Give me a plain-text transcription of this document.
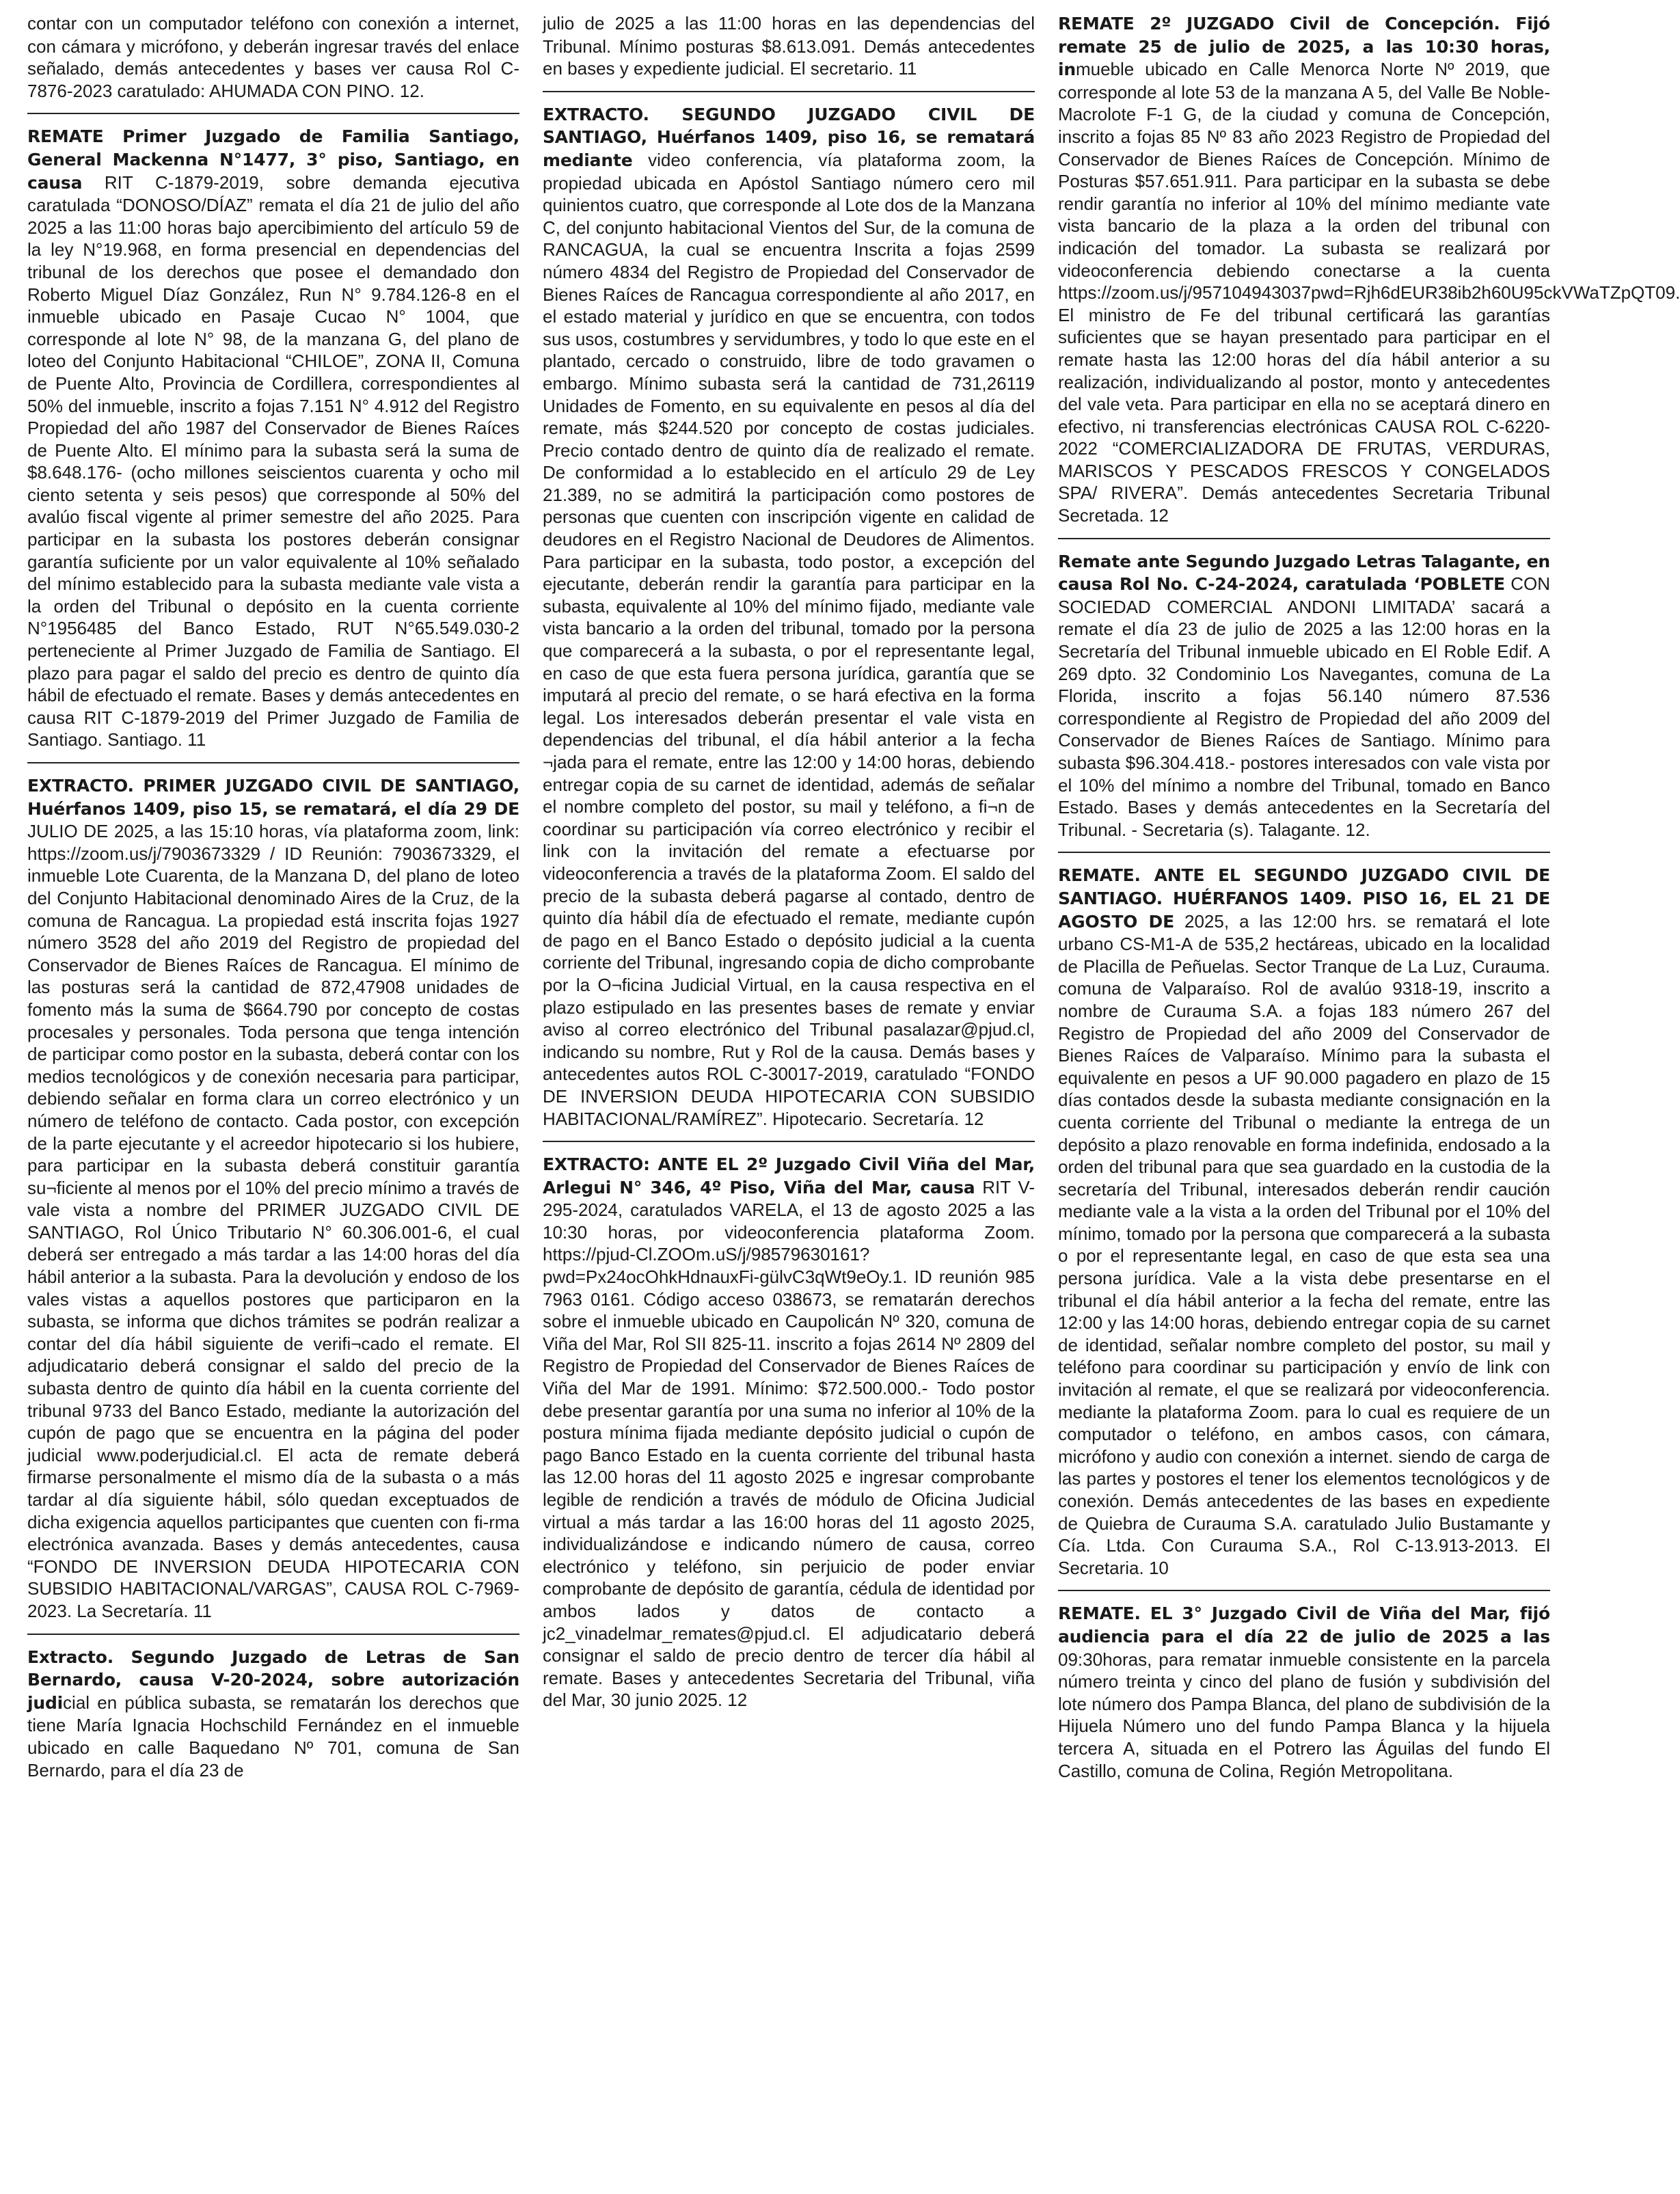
contar con un computador teléfono con conexión a internet, con cámara y micrófono, y deberán ingresar través del enlace señalado, demás antecedentes y bases ver causa Rol C-7876-2023 caratulado: AHUMADA CON PINO. 12.

REMATE Primer Juzgado de Familia Santiago, General Mackenna N°1477, 3° piso, Santiago, en causa RIT C-1879-2019, sobre demanda ejecutiva caratulada “DONOSO/DÍAZ” remata el día 21 de julio del año 2025 a las 11:00 horas bajo apercibimiento del artículo 59 de la ley N°19.968, en forma presencial en dependencias del tribunal de los derechos que posee el demandado don Roberto Miguel Díaz González, Run N° 9.784.126-8 en el inmueble ubicado en Pasaje Cucao N° 1004, que corresponde al lote N° 98, de la manzana G, del plano de loteo del Conjunto Habitacional “CHILOE”, ZONA II, Comuna de Puente Alto, Provincia de Cordillera, correspondientes al 50% del inmueble, inscrito a fojas 7.151 N° 4.912 del Registro Propiedad del año 1987 del Conservador de Bienes Raíces de Puente Alto. El mínimo para la subasta será la suma de $8.648.176- (ocho millones seiscientos cuarenta y ocho mil ciento setenta y seis pesos) que corresponde al 50% del avalúo fiscal vigente al primer semestre del año 2025. Para participar en la subasta los postores deberán consignar garantía suficiente por un valor equivalente al 10% señalado del mínimo establecido para la subasta mediante vale vista a la orden del Tribunal o depósito en la cuenta corriente N°1956485 del Banco Estado, RUT N°65.549.030-2 perteneciente al Primer Juzgado de Familia de Santiago. El plazo para pagar el saldo del precio es dentro de quinto día hábil de efectuado el remate. Bases y demás antecedentes en causa RIT C-1879-2019 del Primer Juzgado de Familia de Santiago. Santiago. 11

EXTRACTO. PRIMER JUZGADO CIVIL DE SANTIAGO, Huérfanos 1409, piso 15, se rematará, el día 29 DE JULIO DE 2025, a las 15:10 horas, vía plataforma zoom, link: https://zoom.us/j/7903673329 / ID Reunión: 7903673329, el inmueble Lote Cuarenta, de la Manzana D, del plano de loteo del Conjunto Habitacional denominado Aires de la Cruz, de la comuna de Rancagua. La propiedad está inscrita fojas 1927 número 3528 del año 2019 del Registro de propiedad del Conservador de Bienes Raíces de Rancagua. El mínimo de las posturas será la cantidad de 872,47908 unidades de fomento más la suma de $664.790 por concepto de costas procesales y personales. Toda persona que tenga intención de participar como postor en la subasta, deberá contar con los medios tecnológicos y de conexión necesaria para participar, debiendo señalar en forma clara un correo electrónico y un número de teléfono de contacto. Cada postor, con excepción de la parte ejecutante y el acreedor hipotecario si los hubiere, para participar en la subasta deberá constituir garantía su¬ficiente al menos por el 10% del precio mínimo a través de vale vista a nombre del PRIMER JUZGADO CIVIL DE SANTIAGO, Rol Único Tributario N° 60.306.001-6, el cual deberá ser entregado a más tardar a las 14:00 horas del día hábil anterior a la subasta. Para la devolución y endoso de los vales vistas a aquellos postores que participaron en la subasta, se informa que dichos trámites se podrán realizar a contar del día hábil siguiente de verifi¬cado el remate. El adjudicatario deberá consignar el saldo del precio de la subasta dentro de quinto día hábil en la cuenta corriente del tribunal 9733 del Banco Estado, mediante la autorización del cupón de pago que se encuentra en la página del poder judicial www.poderjudicial.cl. El acta de remate deberá firmarse personalmente el mismo día de la subasta o a más tardar al día siguiente hábil, sólo quedan exceptuados de dicha exigencia aquellos participantes que cuenten con fi-rma electrónica avanzada. Bases y demás antecedentes, causa “FONDO DE INVERSION DEUDA HIPOTECARIA CON SUBSIDIO HABITACIONAL/VARGAS”, CAUSA ROL C-7969-2023. La Secretaría. 11

Extracto. Segundo Juzgado de Letras de San Bernardo, causa V-20-2024, sobre autorización judicial en pública subasta, se rematarán los derechos que tiene María Ignacia Hochschild Fernández en el inmueble ubicado en calle Baquedano Nº 701, comuna de San Bernardo, para el día 23 de

julio de 2025 a las 11:00 horas en las dependencias del Tribunal. Mínimo posturas $8.613.091. Demás antecedentes en bases y expediente judicial. El secretario. 11

EXTRACTO. SEGUNDO JUZGADO CIVIL DE SANTIAGO, Huérfanos 1409, piso 16, se rematará mediante video conferencia, vía plataforma zoom, la propiedad ubicada en Apóstol Santiago número cero mil quinientos cuatro, que corresponde al Lote dos de la Manzana C, del conjunto habitacional Vientos del Sur, de la comuna de RANCAGUA, la cual se encuentra Inscrita a fojas 2599 número 4834 del Registro de Propiedad del Conservador de Bienes Raíces de Rancagua correspondiente al año 2017, en el estado material y jurídico en que se encuentra, con todos sus usos, costumbres y servidumbres, y todo lo que este en el plantado, cercado o construido, libre de todo gravamen o embargo. Mínimo subasta será la cantidad de 731,26119 Unidades de Fomento, en su equivalente en pesos al día del remate, más $244.520 por concepto de costas judiciales. Precio contado dentro de quinto día de realizado el remate. De conformidad a lo establecido en el artículo 29 de Ley 21.389, no se admitirá la participación como postores de personas que cuenten con inscripción vigente en calidad de deudores en el Registro Nacional de Deudores de Alimentos. Para participar en la subasta, todo postor, a excepción del ejecutante, deberán rendir la garantía para participar en la subasta, equivalente al 10% del mínimo fijado, mediante vale vista bancario a la orden del tribunal, tomado por la persona que comparecerá a la subasta, o por el representante legal, en caso de que esta fuera persona jurídica, garantía que se imputará al precio del remate, o se hará efectiva en la forma legal. Los interesados deberán presentar el vale vista en dependencias del tribunal, el día hábil anterior a la fecha ¬jada para el remate, entre las 12:00 y 14:00 horas, debiendo entregar copia de su carnet de identidad, además de señalar el nombre completo del postor, su mail y teléfono, a fi¬n de coordinar su participación vía correo electrónico y recibir el link con la invitación del remate a efectuarse por videoconferencia a través de la plataforma Zoom. El saldo del precio de la subasta deberá pagarse al contado, dentro de quinto día hábil día de efectuado el remate, mediante cupón de pago en el Banco Estado o depósito judicial a la cuenta corriente del Tribunal, ingresando copia de dicho comprobante por la O¬ficina Judicial Virtual, en la causa respectiva en el plazo estipulado en las presentes bases de remate y enviar aviso al correo electrónico del Tribunal pasalazar@pjud.cl, indicando su nombre, Rut y Rol de la causa. Demás bases y antecedentes autos ROL C-30017-2019, caratulado “FONDO DE INVERSION DEUDA HIPOTECARIA CON SUBSIDIO HABITACIONAL/RAMÍREZ”. Hipotecario. Secretaría. 12

EXTRACTO: ANTE EL 2º Juzgado Civil Viña del Mar, Arlegui N° 346, 4º Piso, Viña del Mar, causa RIT V-295-2024, caratulados VARELA, el 13 de agosto 2025 a las 10:30 horas, por videoconferencia plataforma Zoom. https://pjud-Cl.ZOOm.uS/j/98579630161?pwd=Px24ocOhkHdnauxFi-gülvC3qWt9eOy.1. ID reunión 985 7963 0161. Código acceso 038673, se rematarán derechos sobre el inmueble ubicado en Caupolicán Nº 320, comuna de Viña del Mar, Rol SII 825-11. inscrito a fojas 2614 Nº 2809 del Registro de Propiedad del Conservador de Bienes Raíces de Viña del Mar de 1991. Mínimo: $72.500.000.- Todo postor debe presentar garantía por una suma no inferior al 10% de la postura mínima fijada mediante depósito judicial o cupón de pago Banco Estado en la cuenta corriente del tribunal hasta las 12.00 horas del 11 agosto 2025 e ingresar comprobante legible de rendición a través de módulo de Oficina Judicial virtual a más tardar a las 16:00 horas del 11 agosto 2025, individualizándose e indicando número de causa, correo electrónico y teléfono, sin perjuicio de poder enviar comprobante de depósito de garantía, cédula de identidad por ambos lados y datos de contacto a jc2_vinadelmar_remates@pjud.cl. El adjudicatario deberá consignar el saldo de precio dentro de tercer día hábil al remate. Bases y antecedentes Secretaria del Tribunal, viña del Mar, 30 junio 2025. 12

REMATE 2º JUZGADO Civil de Concepción. Fijó remate 25 de julio de 2025, a las 10:30 horas, inmueble ubicado en Calle Menorca Norte Nº 2019, que corresponde al lote 53 de la manzana A 5, del Valle Be Noble-Macrolote F-1 G, de la ciudad y comuna de Concepción, inscrito a fojas 85 Nº 83 año 2023 Registro de Propiedad del Conservador de Bienes Raíces de Concepción. Mínimo de Posturas $57.651.911. Para participar en la subasta se debe rendir garantía no inferior al 10% del mínimo mediante vate vista bancario de la plaza a la orden del tribunal con indicación del tomador. La subasta se realizará por videoconferencia debiendo conectarse a la cuenta https://zoom.us/j/957104943037pwd=Rjh6dEUR38ib2h60U95ckVWaTZpQT09. El ministro de Fe del tribunal certificará las garantías suficientes que se hayan presentado para participar en el remate hasta las 12:00 horas del día hábil anterior a su realización, individualizando al postor, monto y antecedentes del vale veta. Para participar en ella no se aceptará dinero en efectivo, ni transferencias electrónicas CAUSA ROL C-6220-2022 “COMERCIALIZADORA DE FRUTAS, VERDURAS, MARISCOS Y PESCADOS FRESCOS Y CONGELADOS SPA/ RIVERA”. Demás antecedentes Secretaria Tribunal Secretada. 12

Remate ante Segundo Juzgado Letras Talagante, en causa Rol No. C-24-2024, caratulada ‘POBLETE CON SOCIEDAD COMERCIAL ANDONI LIMITADA’ sacará a remate el día 23 de julio de 2025 a las 12:00 horas en la Secretaría del Tribunal inmueble ubicado en El Roble Edif. A 269 dpto. 32 Condominio Los Navegantes, comuna de La Florida, inscrito a fojas 56.140 número 87.536 correspondiente al Registro de Propiedad del año 2009 del Conservador de Bienes Raíces de Santiago. Mínimo para subasta $96.304.418.- postores interesados con vale vista por el 10% del mínimo a nombre del Tribunal, tomado en Banco Estado. Bases y demás antecedentes en la Secretaría del Tribunal. - Secretaria (s). Talagante. 12.

REMATE. ANTE EL SEGUNDO JUZGADO CIVIL DE SANTIAGO. HUÉRFANOS 1409. PISO 16, EL 21 DE AGOSTO DE 2025, a las 12:00 hrs. se rematará el lote urbano CS-M1-A de 535,2 hectáreas, ubicado en la localidad de Placilla de Peñuelas. Sector Tranque de La Luz, Curauma. comuna de Valparaíso. Rol de avalúo 9318-19, inscrito a nombre de Curauma S.A. a fojas 183 número 267 del Registro de Propiedad del año 2009 del Conservador de Bienes Raíces de Valparaíso. Mínimo para la subasta el equivalente en pesos a UF 90.000 pagadero en plazo de 15 días contados desde la subasta mediante consignación en la cuenta corriente del Tribunal o mediante la entrega de un depósito a plazo renovable en forma indefinida, endosado a la orden del tribunal para que sea guardado en la custodia de la secretaría del Tribunal, interesados deberán rendir caución mediante vale a la vista a la orden del Tribunal por el 10% del mínimo, tomado por la persona que comparecerá a la subasta o por el representante legal, en caso de que esta sea una persona jurídica. Vale a la vista debe presentarse en el tribunal el día hábil anterior a la fecha del remate, entre las 12:00 y las 14:00 horas, debiendo entregar copia de su carnet de identidad, señalar nombre completo del postor, su mail y teléfono para coordinar su participación y envío de link con invitación al remate, el que se realizará por videoconferencia. mediante la plataforma Zoom. para lo cual es requiere de un computador o teléfono, en ambos casos, con cámara, micrófono y audio con conexión a internet. siendo de carga de las partes y postores el tener los elementos tecnológicos y de conexión. Demás antecedentes de las bases en expediente de Quiebra de Curauma S.A. caratulado Julio Bustamante y Cía. Ltda. Con Curauma S.A., Rol C-13.913-2013. El Secretaria. 10

REMATE. EL 3° Juzgado Civil de Viña del Mar, fijó audiencia para el día 22 de julio de 2025 a las 09:30horas, para rematar inmueble consistente en la parcela número treinta y cinco del plano de fusión y subdivisión del lote número dos Pampa Blanca, del plano de subdivisión de la Hijuela Número uno del fundo Pampa Blanca y la hijuela tercera A, situada en el Potrero las Águilas del fundo El Castillo, comuna de Colina, Región Metropolitana.
